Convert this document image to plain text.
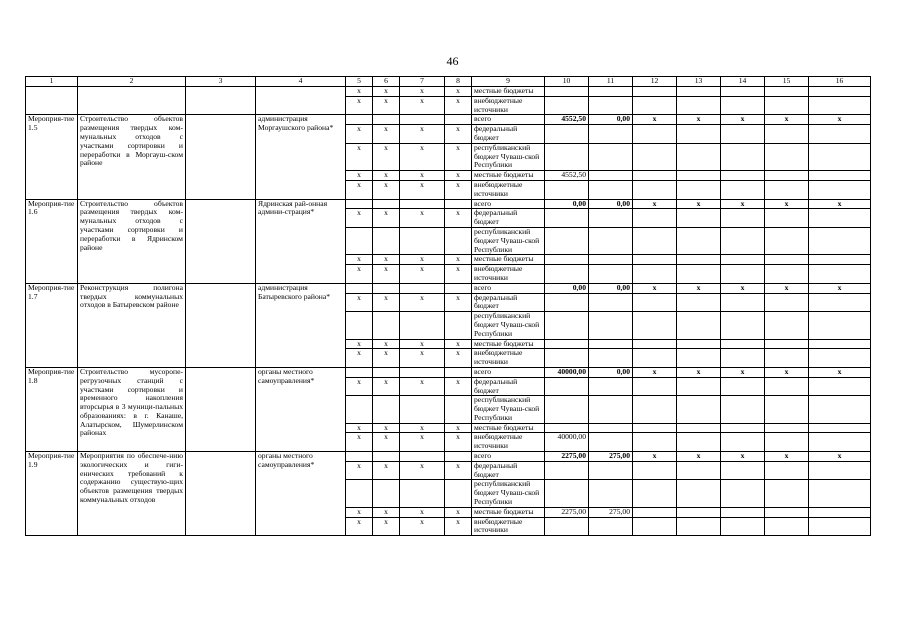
46
1	2	3	4	5	6	7	8	9	10	11	12	13	14	15	16
				х	х	х	х	местные бюджеты							
				х	х	х	х	внебюджетные источники							
Мероприя-тие 1.5	Строительство объектов размещения твердых ком-мунальных отходов с участками сортировки и переработки в Моргауш-ском районе		администрация Моргаушского района*					всего	4552,50	0,00	х	х	х	х	х
				х	х	х	х	федеральный бюджет							
				х	х	х	х	республиканский бюджет Чуваш-ской Республики							
				х	х	х	х	местные бюджеты	4552,50						
				х	х	х	х	внебюджетные источники							
Мероприя-тие 1.6	Строительство объектов размещения твердых ком-мунальных отходов с участками сортировки и переработки в Ядринском районе		Ядринская рай-онная админи-страция*					всего	0,00	0,00	х	х	х	х	х
				х	х	х	х	федеральный бюджет							
								республиканский бюджет Чуваш-ской Республики							
				х	х	х	х	местные бюджеты							
				х	х	х	х	внебюджетные источники							
Мероприя-тие 1.7	Реконструкция полигона твердых коммунальных отходов в Батыревском районе		администрация Батыревского района*					всего	0,00	0,00	х	х	х	х	х
				х	х	х	х	федеральный бюджет							
								республиканский бюджет Чуваш-ской Республики							
				х	х	х	х	местные бюджеты							
				х	х	х	х	внебюджетные источники							
Мероприя-тие 1.8	Строительство мусоропе-регрузочных станций с участками сортировки и временного накопления вторсырья в 3 муници-пальных образованиях: в г. Канаше, Алатырском, Шумерлинском районах		органы местного самоуправления*					всего	40000,00	0,00	х	х	х	х	х
				х	х	х	х	федеральный бюджет							
								республиканский бюджет Чуваш-ской Республики							
				х	х	х	х	местные бюджеты							
				х	х	х	х	внебюджетные источники	40000,00						
Мероприя-тие 1.9	Мероприятия по обеспече-нию экологических и гиги-енических требований к содержанию существую-щих объектов размещения твердых коммунальных отходов		органы местного самоуправления*					всего	2275,00	275,00	х	х	х	х	х
				х	х	х	х	федеральный бюджет							
								республиканский бюджет Чуваш-ской Республики							
				х	х	х	х	местные бюджеты	2275,00	275,00					
				х	х	х	х	внебюджетные источники							
